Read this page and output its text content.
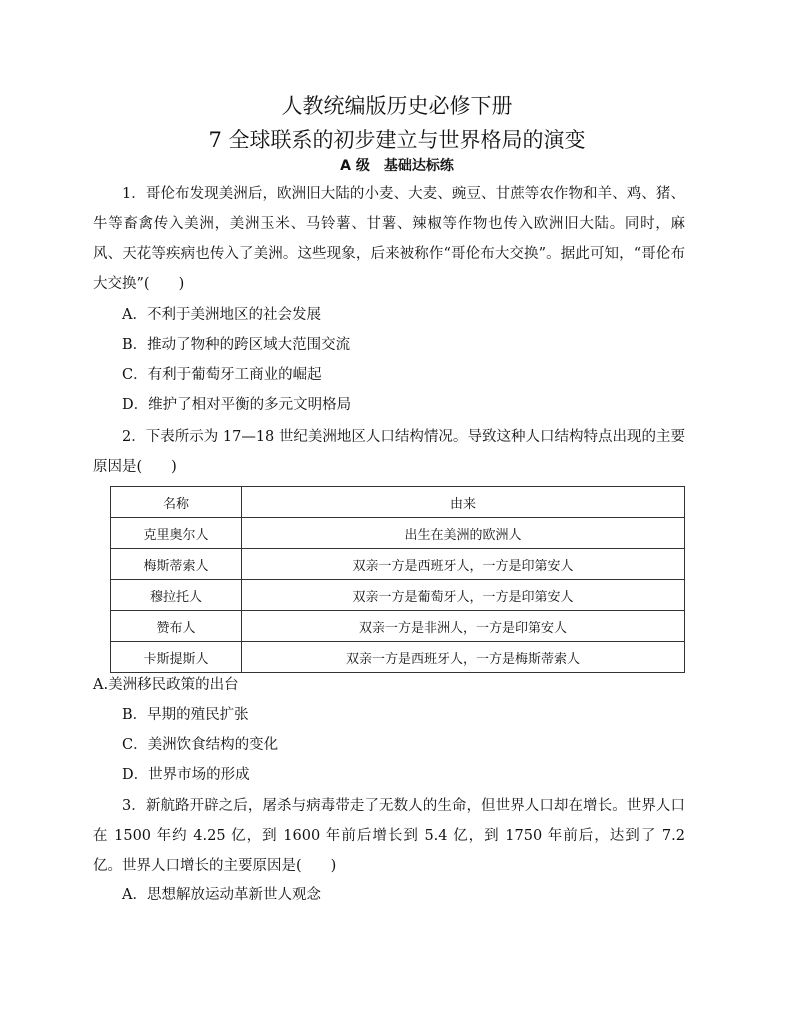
人教统编版历史必修下册
7 全球联系的初步建立与世界格局的演变
A 级　基础达标练
1．哥伦布发现美洲后，欧洲旧大陆的小麦、大麦、豌豆、甘蔗等农作物和羊、鸡、猪、牛等畜禽传入美洲，美洲玉米、马铃薯、甘薯、辣椒等作物也传入欧洲旧大陆。同时，麻风、天花等疾病也传入了美洲。这些现象，后来被称作“哥伦布大交换”。据此可知，“哥伦布大交换”(　　)
A．不利于美洲地区的社会发展
B．推动了物种的跨区域大范围交流
C．有利于葡萄牙工商业的崛起
D．维护了相对平衡的多元文明格局
2．下表所示为 17—18 世纪美洲地区人口结构情况。导致这种人口结构特点出现的主要原因是(　　)
名称	由来
克里奥尔人	出生在美洲的欧洲人
梅斯蒂索人	双亲一方是西班牙人，一方是印第安人
穆拉托人	双亲一方是葡萄牙人，一方是印第安人
赞布人	双亲一方是非洲人，一方是印第安人
卡斯提斯人	双亲一方是西班牙人，一方是梅斯蒂索人
A.美洲移民政策的出台
B．早期的殖民扩张
C．美洲饮食结构的变化
D．世界市场的形成
3．新航路开辟之后，屠杀与病毒带走了无数人的生命，但世界人口却在增长。世界人口在 1500 年约 4.25 亿，到 1600 年前后增长到 5.4 亿，到 1750 年前后，达到了 7.2 亿。世界人口增长的主要原因是(　　)
A．思想解放运动革新世人观念
